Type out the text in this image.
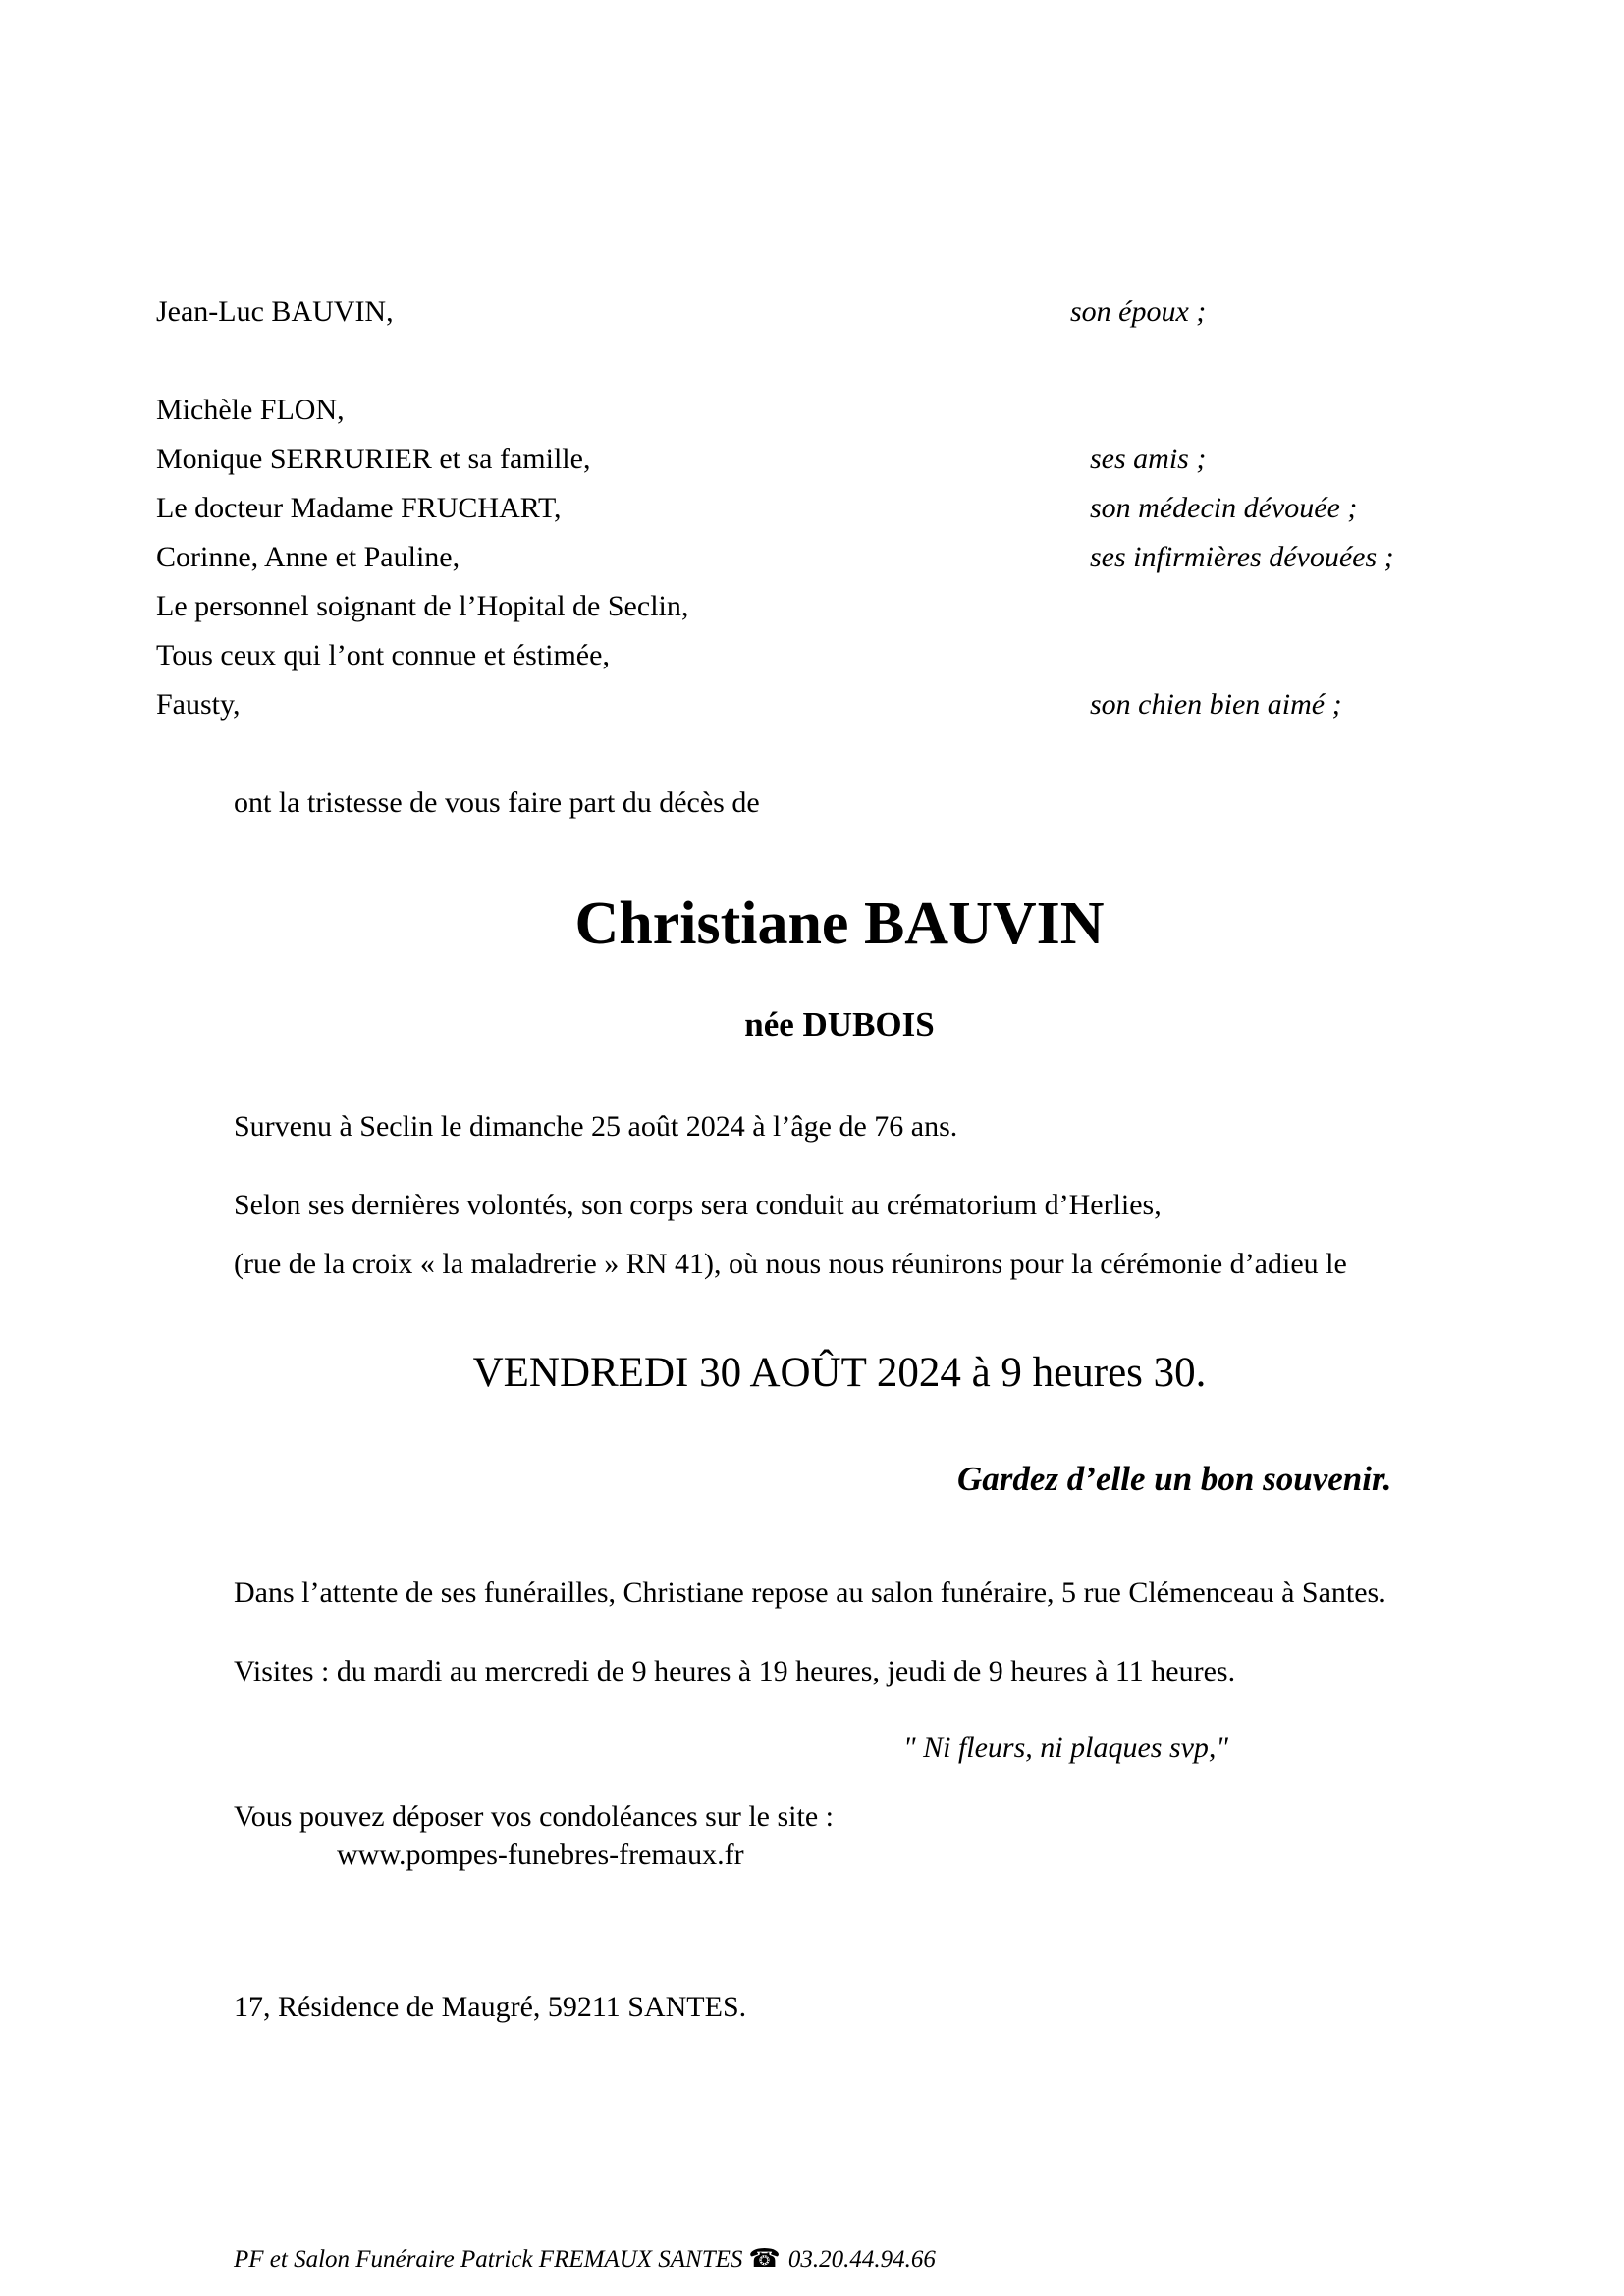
Jean-Luc BAUVIN,	son époux ;
Michèle FLON,
Monique SERRURIER et sa famille,	ses amis ;
Le docteur Madame FRUCHART,	son médecin dévouée ;
Corinne, Anne et Pauline,	ses infirmières dévouées ;
Le personnel soignant de l’Hopital de Seclin,
Tous ceux qui l’ont connue et éstimée,
Fausty,	son chien bien aimé ;
ont la tristesse de vous faire part du décès de
Christiane BAUVIN
née DUBOIS
Survenu à Seclin le dimanche 25 août 2024 à l’âge de 76 ans.
Selon ses dernières volontés, son corps sera conduit au crématorium d’Herlies,
(rue de la croix « la maladrerie » RN 41), où nous nous réunirons pour la cérémonie d’adieu le
VENDREDI 30 AOÛT 2024 à 9 heures 30.
Gardez d’elle un bon souvenir.
Dans l’attente de ses funérailles, Christiane repose au salon funéraire, 5 rue Clémenceau à Santes.
Visites : du mardi au mercredi de 9 heures à 19 heures, jeudi de 9 heures à 11 heures.
" Ni fleurs, ni plaques svp,"
Vous pouvez déposer vos condoléances sur le site :
www.pompes-funebres-fremaux.fr
17, Résidence de Maugré, 59211 SANTES.
PF et Salon Funéraire Patrick FREMAUX SANTES ☎ 03.20.44.94.66
